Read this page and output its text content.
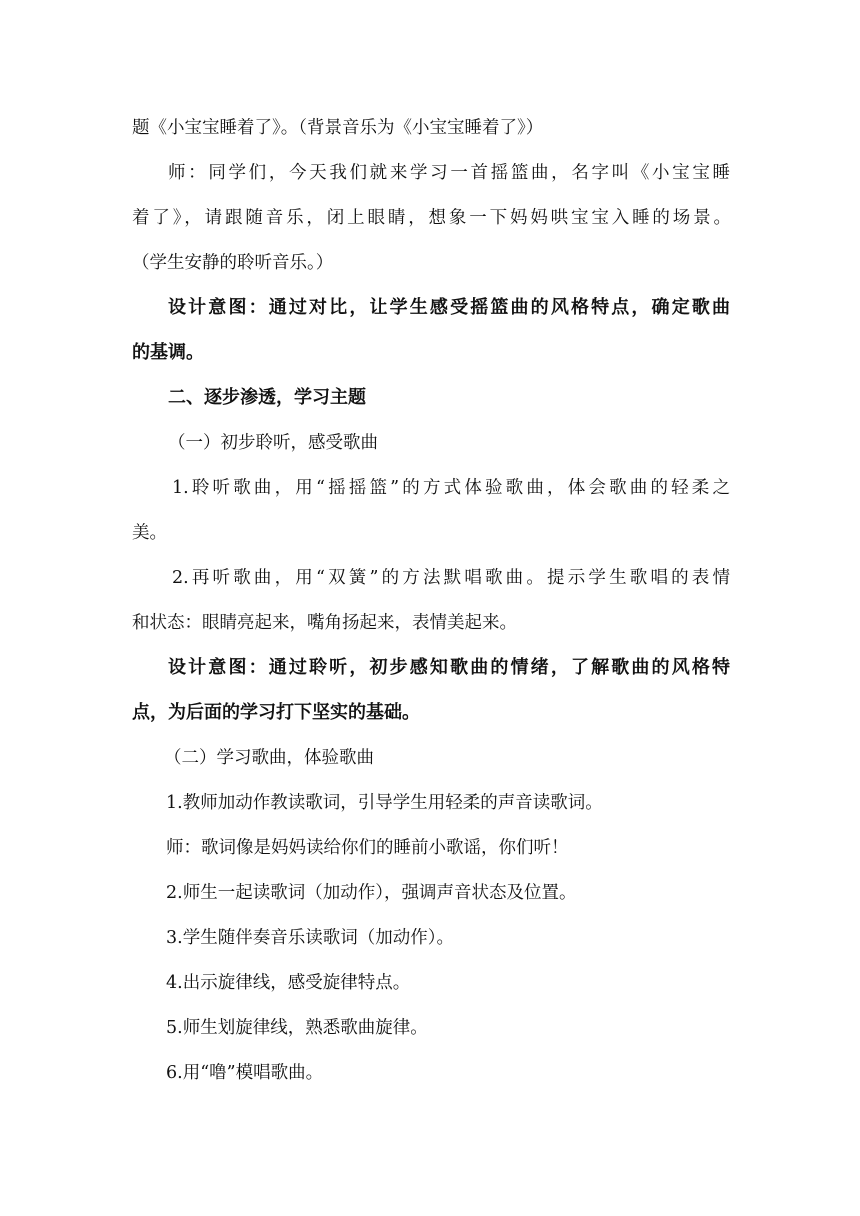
题《小宝宝睡着了》。（背景音乐为《小宝宝睡着了》）
师：同学们，今天我们就来学习一首摇篮曲，名字叫《小宝宝睡
着了》，请跟随音乐，闭上眼睛，想象一下妈妈哄宝宝入睡的场景。
（学生安静的聆听音乐。）
设计意图：通过对比，让学生感受摇篮曲的风格特点，确定歌曲
的基调。
二、逐步渗透，学习主题
（一）初步聆听，感受歌曲
1.聆听歌曲，用“摇摇篮”的方式体验歌曲，体会歌曲的轻柔之
美。
2.再听歌曲，用“双簧”的方法默唱歌曲。提示学生歌唱的表情
和状态：眼睛亮起来，嘴角扬起来，表情美起来。
设计意图：通过聆听，初步感知歌曲的情绪，了解歌曲的风格特
点，为后面的学习打下坚实的基础。
（二）学习歌曲，体验歌曲
1.教师加动作教读歌词，引导学生用轻柔的声音读歌词。
师：歌词像是妈妈读给你们的睡前小歌谣，你们听！
2.师生一起读歌词（加动作），强调声音状态及位置。
3.学生随伴奏音乐读歌词（加动作）。
4.出示旋律线，感受旋律特点。
5.师生划旋律线，熟悉歌曲旋律。
6.用“噜”模唱歌曲。
